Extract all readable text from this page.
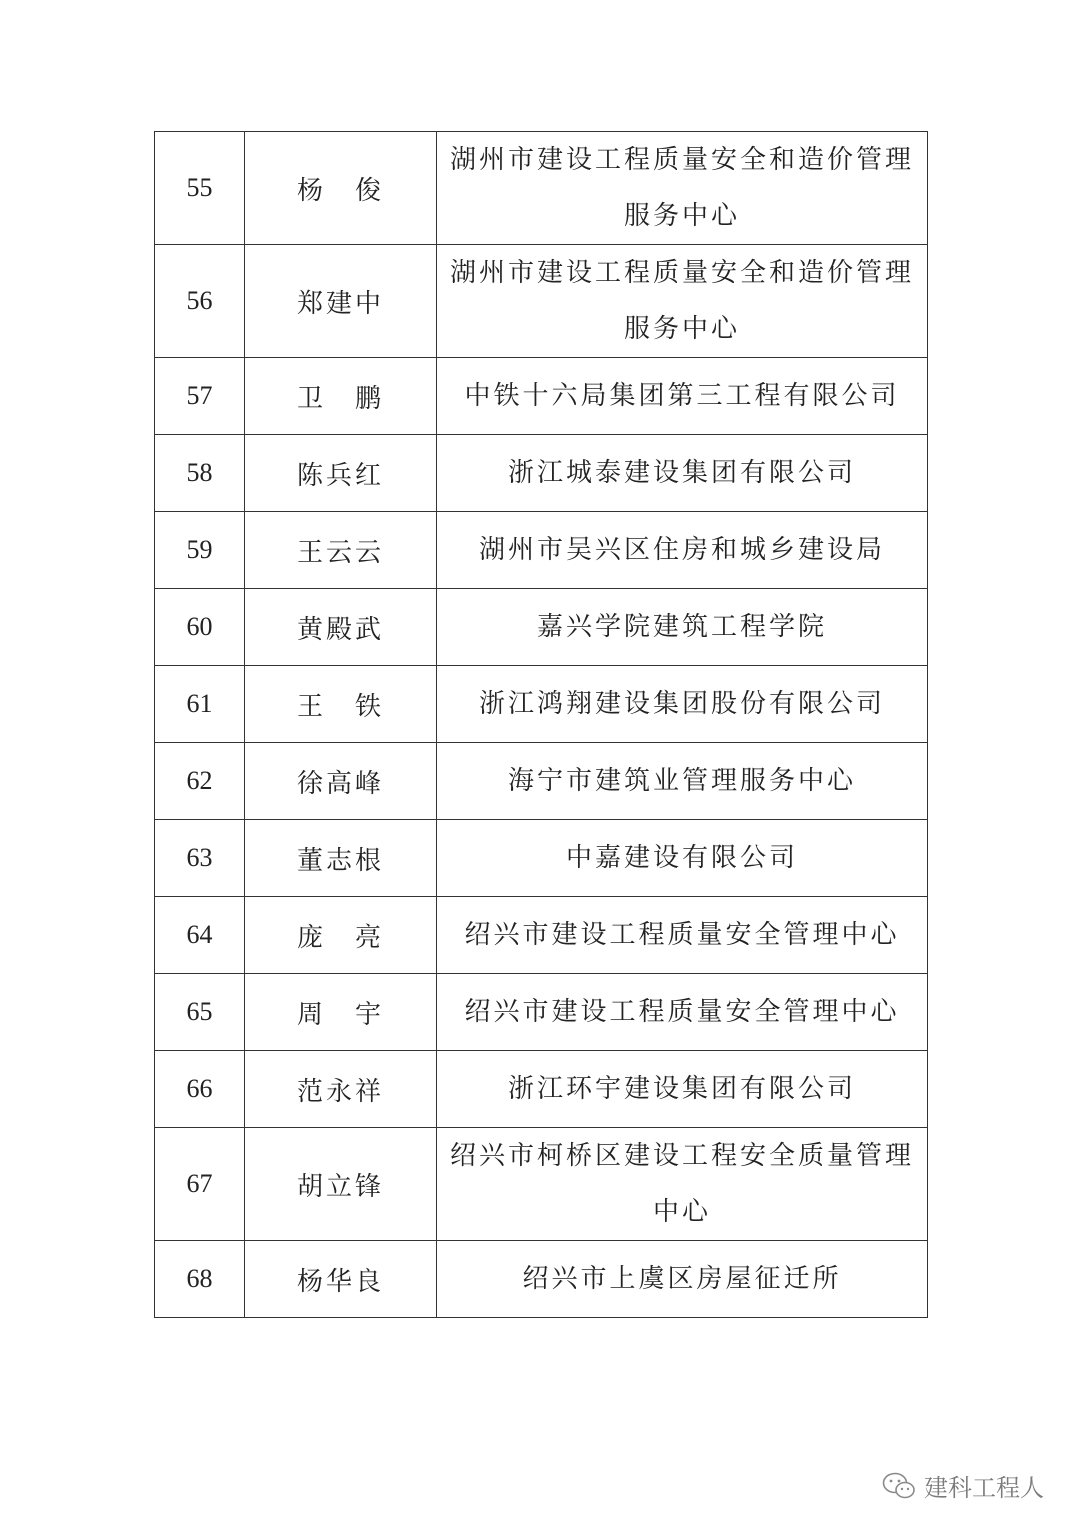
55	杨　俊	湖州市建设工程质量安全和造价管理服务中心
56	郑建中	湖州市建设工程质量安全和造价管理服务中心
57	卫　鹏	中铁十六局集团第三工程有限公司
58	陈兵红	浙江城泰建设集团有限公司
59	王云云	湖州市吴兴区住房和城乡建设局
60	黄殿武	嘉兴学院建筑工程学院
61	王　铁	浙江鸿翔建设集团股份有限公司
62	徐高峰	海宁市建筑业管理服务中心
63	董志根	中嘉建设有限公司
64	庞　亮	绍兴市建设工程质量安全管理中心
65	周　宇	绍兴市建设工程质量安全管理中心
66	范永祥	浙江环宇建设集团有限公司
67	胡立锋	绍兴市柯桥区建设工程安全质量管理中心
68	杨华良	绍兴市上虞区房屋征迁所
建科工程人
